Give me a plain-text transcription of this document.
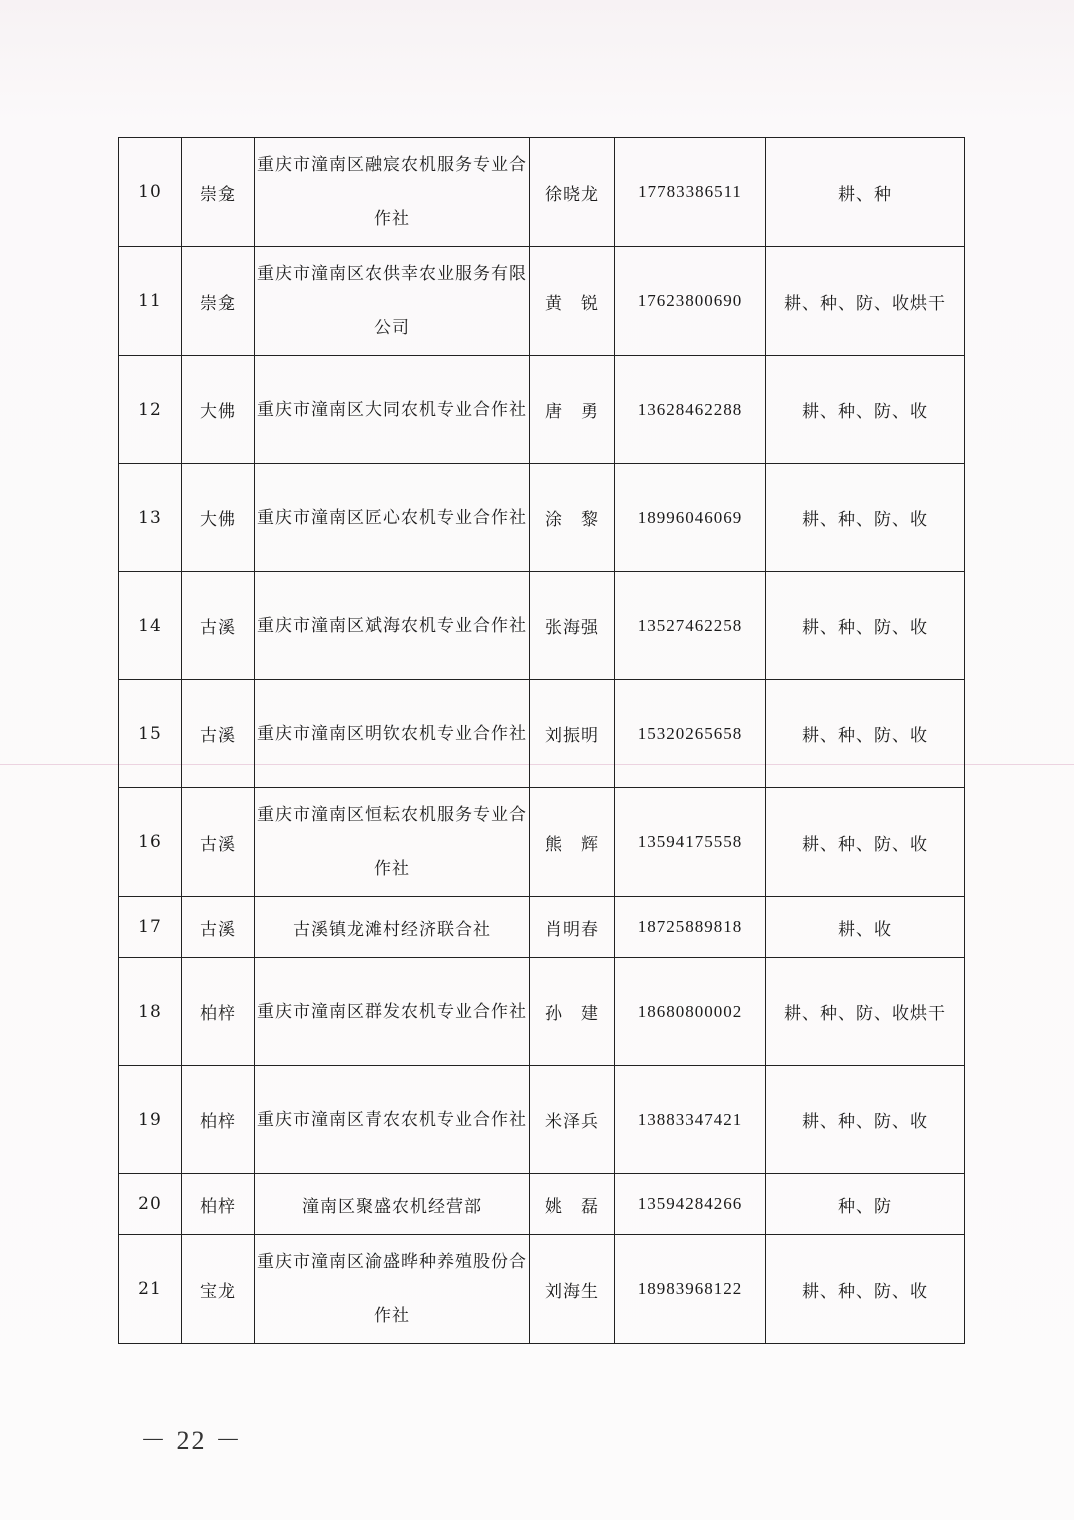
10	崇龛	重庆市潼南区融宸农机服务专业合作社	徐晓龙	17783386511	耕、种
11	崇龛	重庆市潼南区农供幸农业服务有限公司	黄　锐	17623800690	耕、种、防、收烘干
12	大佛	重庆市潼南区大同农机专业合作社	唐　勇	13628462288	耕、种、防、收
13	大佛	重庆市潼南区匠心农机专业合作社	涂　黎	18996046069	耕、种、防、收
14	古溪	重庆市潼南区斌海农机专业合作社	张海强	13527462258	耕、种、防、收
15	古溪	重庆市潼南区明钦农机专业合作社	刘振明	15320265658	耕、种、防、收
16	古溪	重庆市潼南区恒耘农机服务专业合作社	熊　辉	13594175558	耕、种、防、收
17	古溪	古溪镇龙滩村经济联合社	肖明春	18725889818	耕、收
18	柏梓	重庆市潼南区群发农机专业合作社	孙　建	18680800002	耕、种、防、收烘干
19	柏梓	重庆市潼南区青农农机专业合作社	米泽兵	13883347421	耕、种、防、收
20	柏梓	潼南区聚盛农机经营部	姚　磊	13594284266	种、防
21	宝龙	重庆市潼南区渝盛晔种养殖股份合作社	刘海生	18983968122	耕、种、防、收
－ 22 －
